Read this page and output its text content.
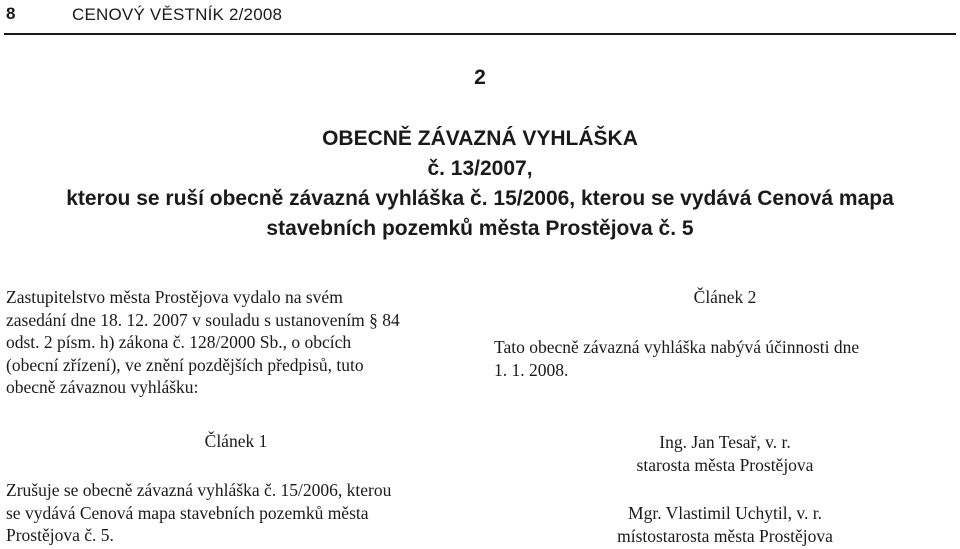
8	CENOVÝ VĚSTNÍK 2/2008
2
OBECNĚ ZÁVAZNÁ VYHLÁŠKA
č. 13/2007,
kterou se ruší obecně závazná vyhláška č. 15/2006, kterou se vydává Cenová mapa
stavebních pozemků města Prostějova č. 5
Zastupitelstvo města Prostějova vydalo na svém
zasedání dne 18. 12. 2007 v souladu s ustanovením § 84
odst. 2 písm. h) zákona č. 128/2000 Sb., o obcích
(obecní zřízení), ve znění pozdějších předpisů, tuto
obecně závaznou vyhlášku:
Článek 1
Zrušuje se obecně závazná vyhláška č. 15/2006, kterou
se vydává Cenová mapa stavebních pozemků města
Prostějova č. 5.
Článek 2
Tato obecně závazná vyhláška nabývá účinnosti dne
1. 1. 2008.
Ing. Jan Tesař, v. r.
starosta města Prostějova
Mgr. Vlastimil Uchytil, v. r.
místostarosta města Prostějova
